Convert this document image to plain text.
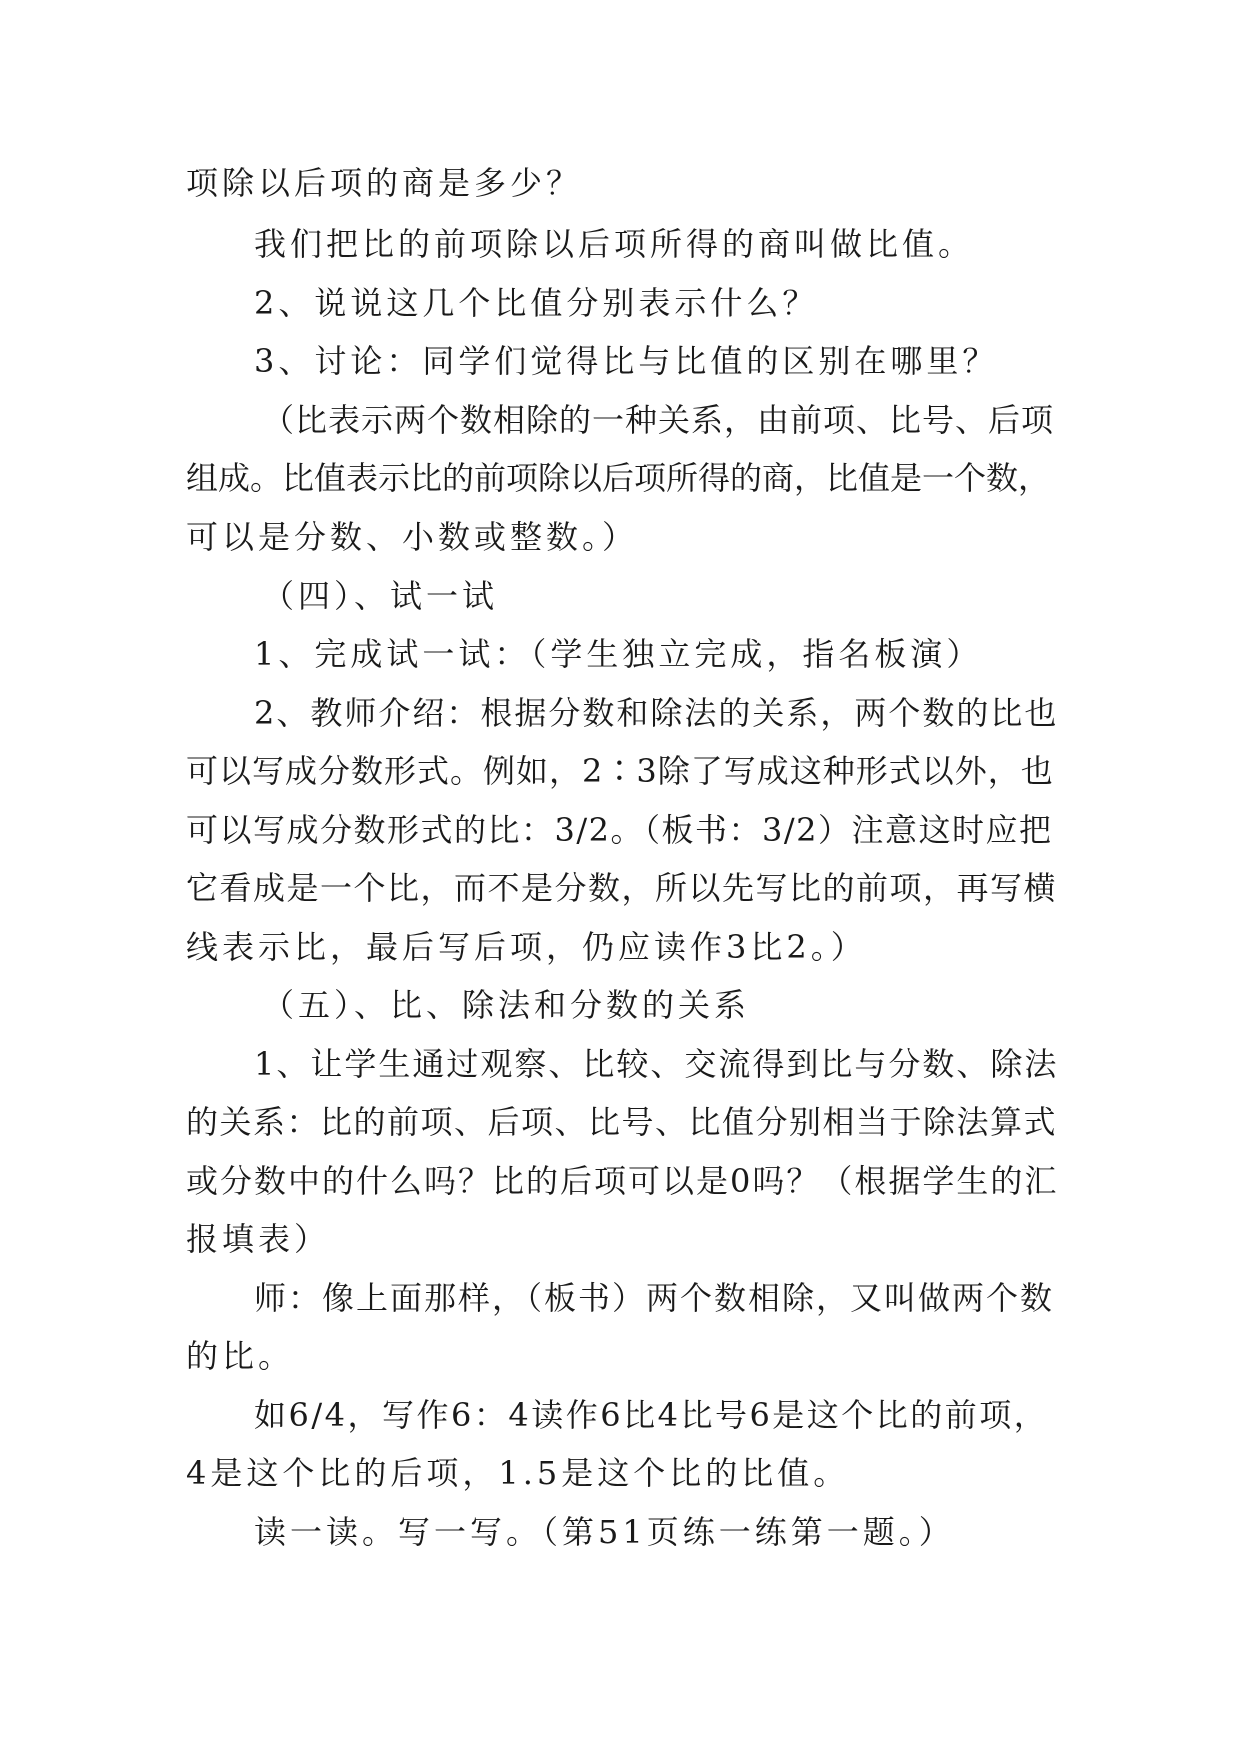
项除以后项的商是多少？
我们把比的前项除以后项所得的商叫做比值。
2、说说这几个比值分别表示什么？
3、讨论：同学们觉得比与比值的区别在哪里？
（比表示两个数相除的一种关系，由前项、比号、后项
组成。比值表示比的前项除以后项所得的商，比值是一个数，
可以是分数、小数或整数。）
（四）、试一试
1、完成试一试：（学生独立完成，指名板演）
2、教师介绍：根据分数和除法的关系，两个数的比也
可以写成分数形式。例如，2∶3除了写成这种形式以外，也
可以写成分数形式的比：3/2。（板书：3/2）注意这时应把
它看成是一个比，而不是分数，所以先写比的前项，再写横
线表示比，最后写后项，仍应读作3比2。）
（五）、比、除法和分数的关系
1、让学生通过观察、比较、交流得到比与分数、除法
的关系：比的前项、后项、比号、比值分别相当于除法算式
或分数中的什么吗？比的后项可以是0吗？（根据学生的汇
报填表）
师：像上面那样，（板书）两个数相除，又叫做两个数
的比。
如6/4，写作6：4读作6比4比号6是这个比的前项，
4是这个比的后项，1.5是这个比的比值。
读一读。写一写。（第51页练一练第一题。）
